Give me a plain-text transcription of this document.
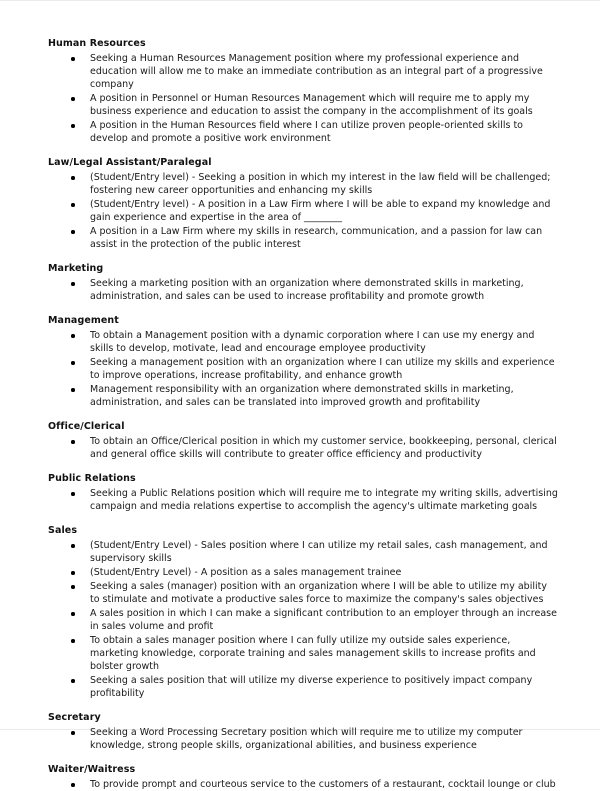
Human Resources
Seeking a Human Resources Management position where my professional experience and education will allow me to make an immediate contribution as an integral part of a progressive company
A position in Personnel or Human Resources Management which will require me to apply my business experience and education to assist the company in the accomplishment of its goals
A position in the Human Resources field where I can utilize proven people-oriented skills to develop and promote a positive work environment
Law/Legal Assistant/Paralegal
(Student/Entry level) - Seeking a position in which my interest in the law field will be challenged; fostering new career opportunities and enhancing my skills
(Student/Entry level) - A position in a Law Firm where I will be able to expand my knowledge and gain experience and expertise in the area of ________
A position in a Law Firm where my skills in research, communication, and a passion for law can assist in the protection of the public interest
Marketing
Seeking a marketing position with an organization where demonstrated skills in marketing, administration, and sales can be used to increase profitability and promote growth
Management
To obtain a Management position with a dynamic corporation where I can use my energy and skills to develop, motivate, lead and encourage employee productivity
Seeking a management position with an organization where I can utilize my skills and experience to improve operations, increase profitability, and enhance growth
Management responsibility with an organization where demonstrated skills in marketing, administration, and sales can be translated into improved growth and profitability
Office/Clerical
To obtain an Office/Clerical position in which my customer service, bookkeeping, personal, clerical and general office skills will contribute to greater office efficiency and productivity
Public Relations
Seeking a Public Relations position which will require me to integrate my writing skills, advertising campaign and media relations expertise to accomplish the agency's ultimate marketing goals
Sales
(Student/Entry Level) - Sales position where I can utilize my retail sales, cash management, and supervisory skills
(Student/Entry Level) - A position as a sales management trainee
Seeking a sales (manager) position with an organization where I will be able to utilize my ability to stimulate and motivate a productive sales force to maximize the company's sales objectives
A sales position in which I can make a significant contribution to an employer through an increase in sales volume and profit
To obtain a sales manager position where I can fully utilize my outside sales experience, marketing knowledge, corporate training and sales management skills to increase profits and bolster growth
Seeking a sales position that will utilize my diverse experience to positively impact company profitability
Secretary
Seeking a Word Processing Secretary position which will require me to utilize my computer knowledge, strong people skills, organizational abilities, and business experience
Waiter/Waitress
To provide prompt and courteous service to the customers of a restaurant, cocktail lounge or club
